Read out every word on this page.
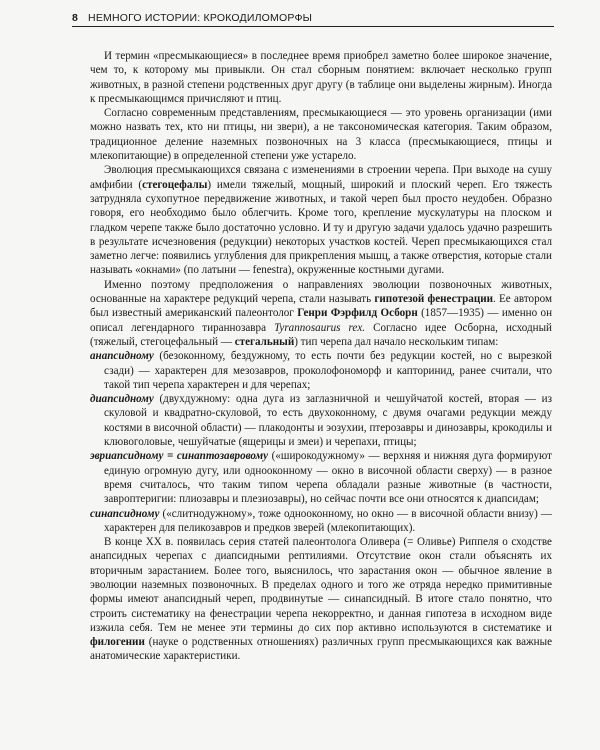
8 НЕМНОГО ИСТОРИИ: КРОКОДИЛОМОРФЫ

И термин «пресмыкающиеся» в последнее время приобрел заметно более широкое значение, чем то, к которому мы привыкли. Он стал сборным понятием: включает несколько групп животных, в разной степени родственных друг другу (в таблице они выделены жирным). Иногда к пресмыкающимся причисляют и птиц.

Согласно современным представлениям, пресмыкающиеся — это уровень организации (ими можно назвать тех, кто ни птицы, ни звери), а не таксономическая категория. Таким образом, традиционное деление наземных позвоночных на 3 класса (пресмыкающиеся, птицы и млекопитающие) в определенной степени уже устарело.

Эволюция пресмыкающихся связана с изменениями в строении черепа. При выходе на сушу амфибии (стегоцефалы) имели тяжелый, мощный, широкий и плоский череп. Его тяжесть затрудняла сухопутное передвижение животных, и такой череп был просто неудобен. Образно говоря, его необходимо было облегчить. Кроме того, крепление мускулатуры на плоском и гладком черепе также было достаточно условно. И ту и другую задачи удалось удачно разрешить в результате исчезновения (редукции) некоторых участков костей. Череп пресмыкающихся стал заметно легче: появились углубления для прикрепления мышц, а также отверстия, которые стали называть «окнами» (по латыни — fenestra), окруженные костными дугами.

Именно поэтому предположения о направлениях эволюции позвоночных животных, основанные на характере редукций черепа, стали называть гипотезой фенестрации. Ее автором был известный американский палеонтолог Генри Фэрфилд Осборн (1857—1935) — именно он описал легендарного тираннозавра Tyrannosaurus rex. Согласно идее Осборна, исходный (тяжелый, стегоцефальный — стегальный) тип черепа дал начало нескольким типам:

анапсидному (безоконному, бездужному, то есть почти без редукции костей, но с вырезкой сзади) — характерен для мезозавров, проколофономорф и капторинид, ранее считали, что такой тип черепа характерен и для черепах;

диапсидному (двухдужному: одна дуга из заглазничной и чешуйчатой костей, вторая — из скуловой и квадратно-скуловой, то есть двухоконному, с двумя очагами редукции между костями в височной области) — плакодонты и эозухии, птерозавры и динозавры, крокодилы и клювоголовые, чешуйчатые (ящерицы и змеи) и черепахи, птицы;

эвриапсидному = синаптозавровому («широкодужному» — верхняя и нижняя дуга формируют единую огромную дугу, или однооконному — окно в височной области сверху) — в разное время считалось, что таким типом черепа обладали разные животные (в частности, завроптеригии: плиозавры и плезиозавры), но сейчас почти все они относятся к диапсидам;

синапсидному («слитнодужному», тоже однооконному, но окно — в височной области внизу) — характерен для пеликозавров и предков зверей (млекопитающих).

В конце XX в. появилась серия статей палеонтолога Оливера (= Оливье) Риппеля о сходстве анапсидных черепах с диапсидными рептилиями. Отсутствие окон стали объяснять их вторичным зарастанием. Более того, выяснилось, что зарастания окон — обычное явление в эволюции наземных позвоночных. В пределах одного и того же отряда нередко примитивные формы имеют анапсидный череп, продвинутые — синапсидный. В итоге стало понятно, что строить систематику на фенестрации черепа некорректно, и данная гипотеза в исходном виде изжила себя. Тем не менее эти термины до сих пор активно используются в систематике и филогении (науке о родственных отношениях) различных групп пресмыкающихся как важные анатомические характеристики.
